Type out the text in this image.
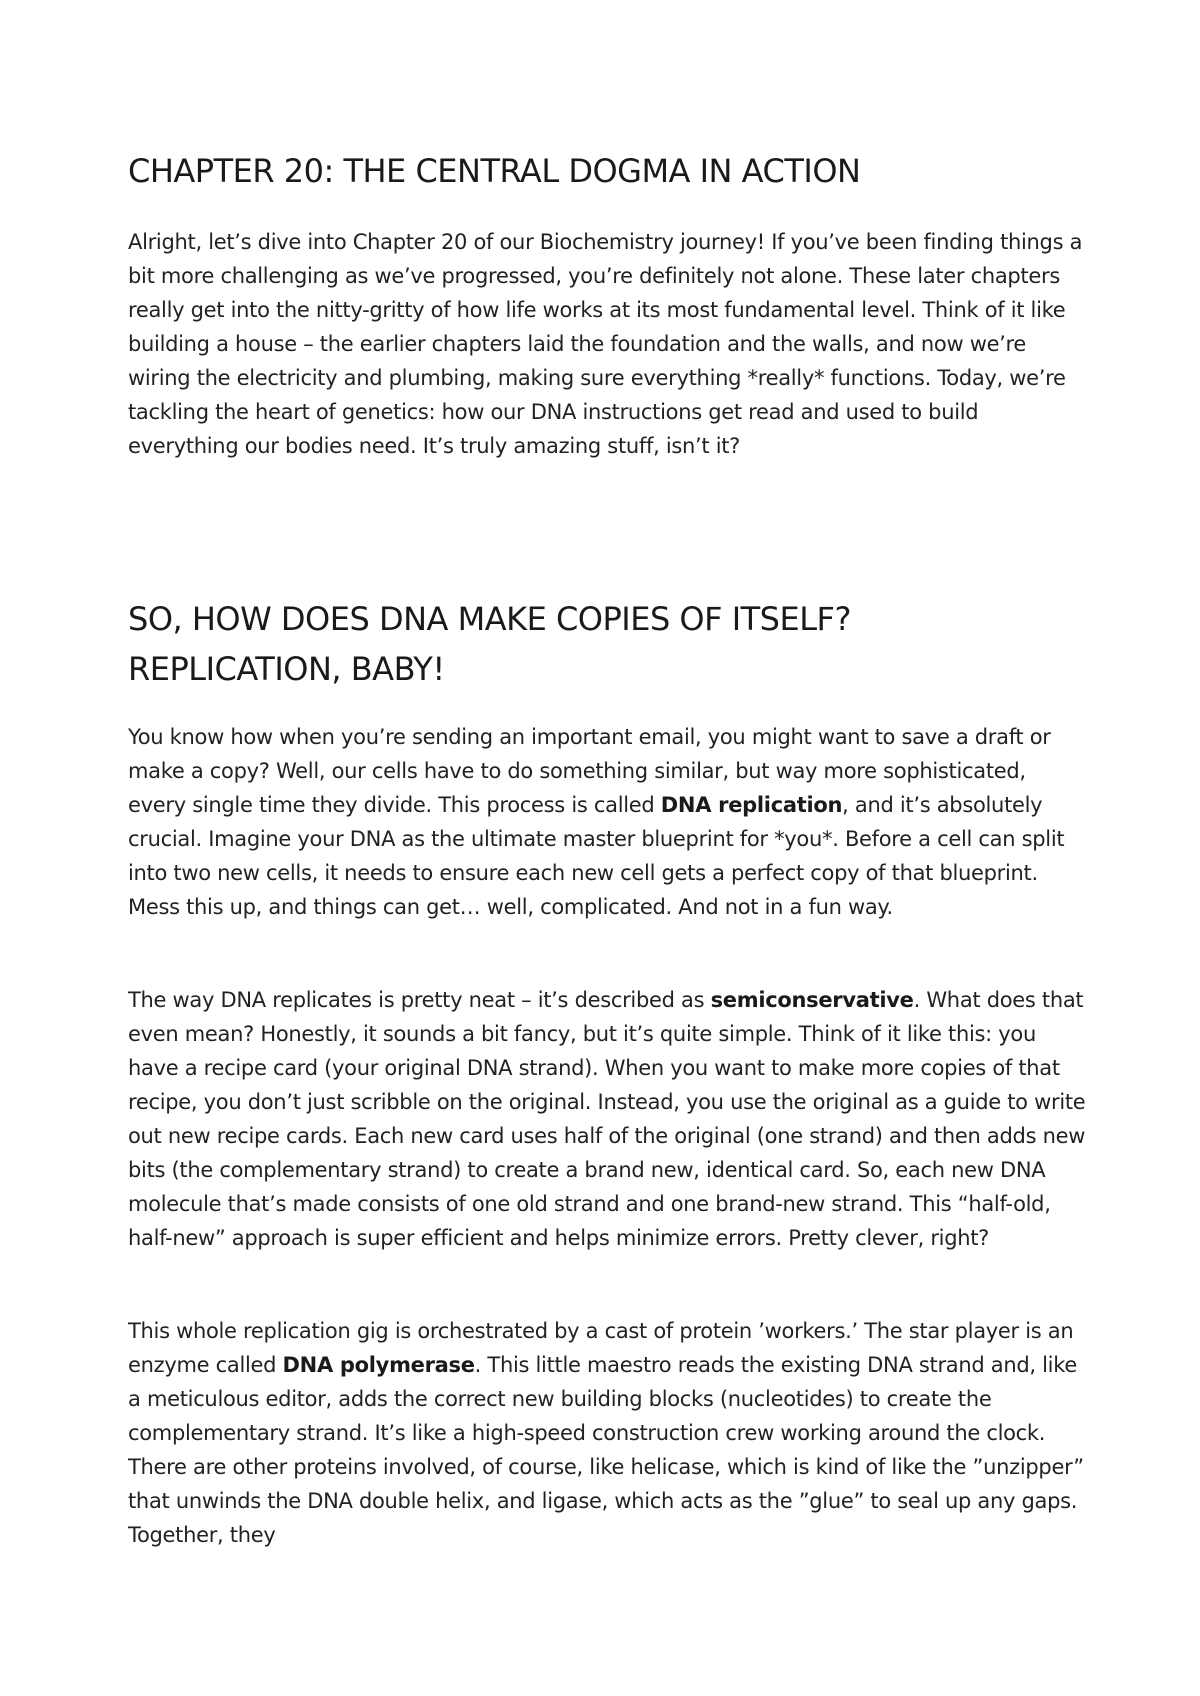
CHAPTER 20: THE CENTRAL DOGMA IN ACTION

Alright, let’s dive into Chapter 20 of our Biochemistry journey! If you’ve been finding things a bit more challenging as we’ve progressed, you’re definitely not alone. These later chapters really get into the nitty-gritty of how life works at its most fundamental level. Think of it like building a house – the earlier chapters laid the foundation and the walls, and now we’re wiring the electricity and plumbing, making sure everything *really* functions. Today, we’re tackling the heart of genetics: how our DNA instructions get read and used to build everything our bodies need. It’s truly amazing stuff, isn’t it?

SO, HOW DOES DNA MAKE COPIES OF ITSELF? REPLICATION, BABY!

You know how when you’re sending an important email, you might want to save a draft or make a copy? Well, our cells have to do something similar, but way more sophisticated, every single time they divide. This process is called DNA replication, and it’s absolutely crucial. Imagine your DNA as the ultimate master blueprint for *you*. Before a cell can split into two new cells, it needs to ensure each new cell gets a perfect copy of that blueprint. Mess this up, and things can get… well, complicated. And not in a fun way.

The way DNA replicates is pretty neat – it’s described as semiconservative. What does that even mean? Honestly, it sounds a bit fancy, but it’s quite simple. Think of it like this: you have a recipe card (your original DNA strand). When you want to make more copies of that recipe, you don’t just scribble on the original. Instead, you use the original as a guide to write out new recipe cards. Each new card uses half of the original (one strand) and then adds new bits (the complementary strand) to create a brand new, identical card. So, each new DNA molecule that’s made consists of one old strand and one brand-new strand. This “half-old, half-new” approach is super efficient and helps minimize errors. Pretty clever, right?

This whole replication gig is orchestrated by a cast of protein ’workers.’ The star player is an enzyme called DNA polymerase. This little maestro reads the existing DNA strand and, like a meticulous editor, adds the correct new building blocks (nucleotides) to create the complementary strand. It’s like a high-speed construction crew working around the clock. There are other proteins involved, of course, like helicase, which is kind of like the ”unzipper” that unwinds the DNA double helix, and ligase, which acts as the ”glue” to seal up any gaps. Together, they
